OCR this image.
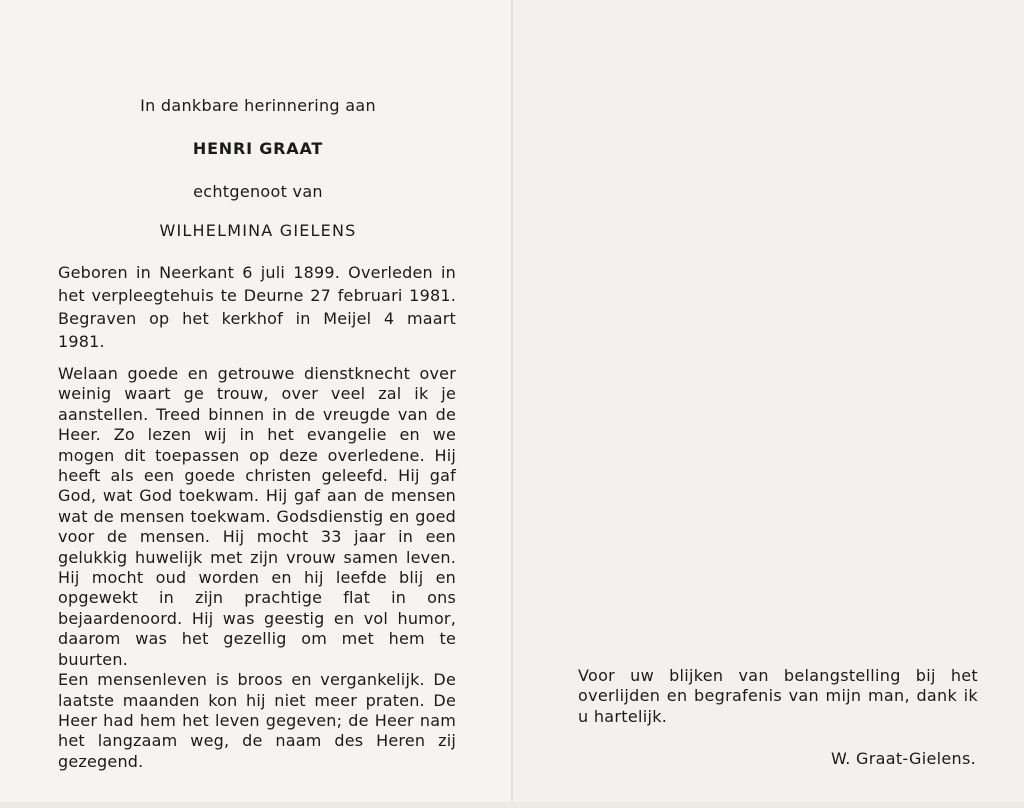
In dankbare herinnering aan
HENRI GRAAT
echtgenoot van
WILHELMINA GIELENS

Geboren in Neerkant 6 juli 1899. Overleden in het verpleegtehuis te Deurne 27 februari 1981. Begraven op het kerkhof in Meijel 4 maart 1981.

Welaan goede en getrouwe dienstknecht over weinig waart ge trouw, over veel zal ik je aanstellen. Treed binnen in de vreugde van de Heer. Zo lezen wij in het evangelie en we mogen dit toepassen op deze overledene. Hij heeft als een goede christen geleefd. Hij gaf God, wat God toekwam. Hij gaf aan de mensen wat de mensen toekwam. Godsdienstig en goed voor de mensen. Hij mocht 33 jaar in een gelukkig huwelijk met zijn vrouw samen leven. Hij mocht oud worden en hij leefde blij en opgewekt in zijn prachtige flat in ons bejaardenoord. Hij was geestig en vol humor, daarom was het gezellig om met hem te buurten.

Een mensenleven is broos en vergankelijk. De laatste maanden kon hij niet meer praten. De Heer had hem het leven gegeven; de Heer nam het langzaam weg, de naam des Heren zij gezegend.

Voor uw blijken van belangstelling bij het overlijden en begrafenis van mijn man, dank ik u hartelijk.
W. Graat-Gielens.
